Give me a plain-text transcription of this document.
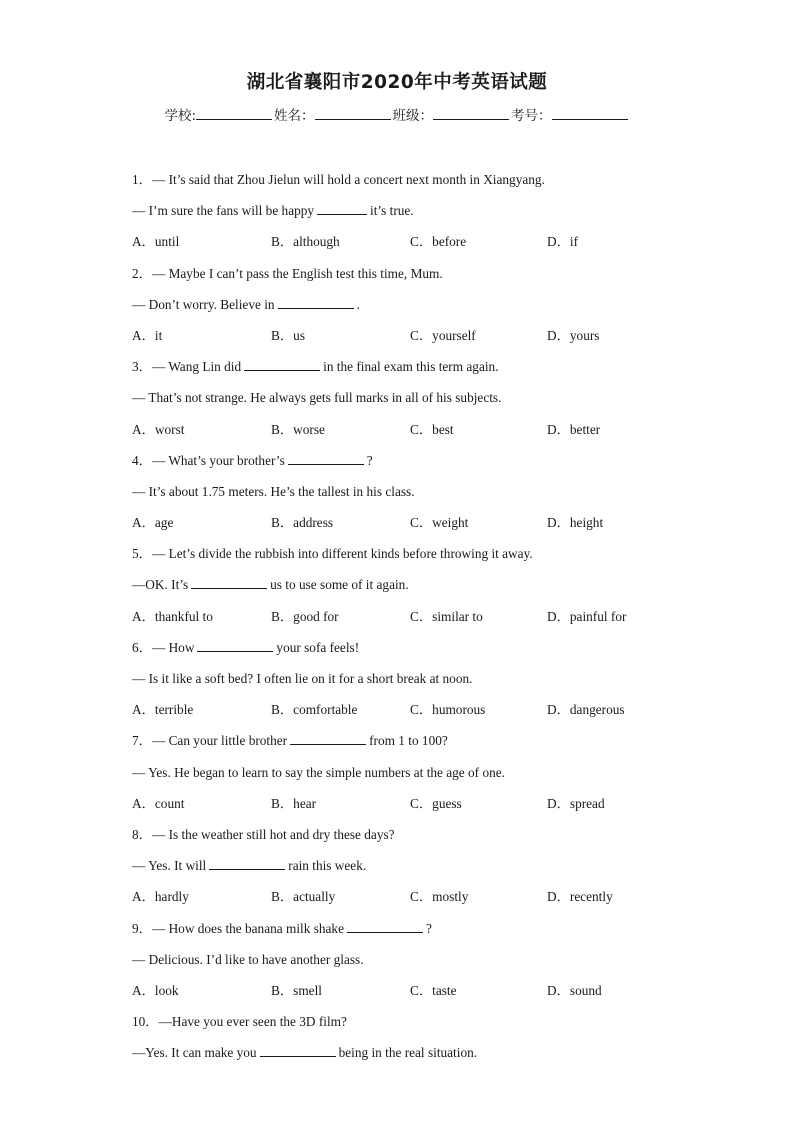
湖北省襄阳市2020年中考英语试题
学校:	姓名：	班级：	考号：
1．— It’s said that Zhou Jielun will hold a concert next month in Xiangyang.
— I’m sure the fans will be happy	it’s true.
A．until	B．although	C．before	D．if
2．— Maybe I can’t pass the English test this time, Mum.
— Don’t worry. Believe in	.
A．it	B．us	C．yourself	D．yours
3．— Wang Lin did	in the final exam this term again.
— That’s not strange. He always gets full marks in all of his subjects.
A．worst	B．worse	C．best	D．better
4．— What’s your brother’s	?
— It’s about 1.75 meters. He’s the tallest in his class.
A．age	B．address	C．weight	D．height
5．— Let’s divide the rubbish into different kinds before throwing it away.
—OK. It’s	us to use some of it again.
A．thankful to	B．good for	C．similar to	D．painful for
6．— How	your sofa feels!
— Is it like a soft bed? I often lie on it for a short break at noon.
A．terrible	B．comfortable	C．humorous	D．dangerous
7．— Can your little brother	from 1 to 100?
— Yes. He began to learn to say the simple numbers at the age of one.
A．count	B．hear	C．guess	D．spread
8．— Is the weather still hot and dry these days?
— Yes. It will	rain this week.
A．hardly	B．actually	C．mostly	D．recently
9．— How does the banana milk shake	?
— Delicious. I’d like to have another glass.
A．look	B．smell	C．taste	D．sound
10．—Have you ever seen the 3D film?
—Yes. It can make you	being in the real situation.
